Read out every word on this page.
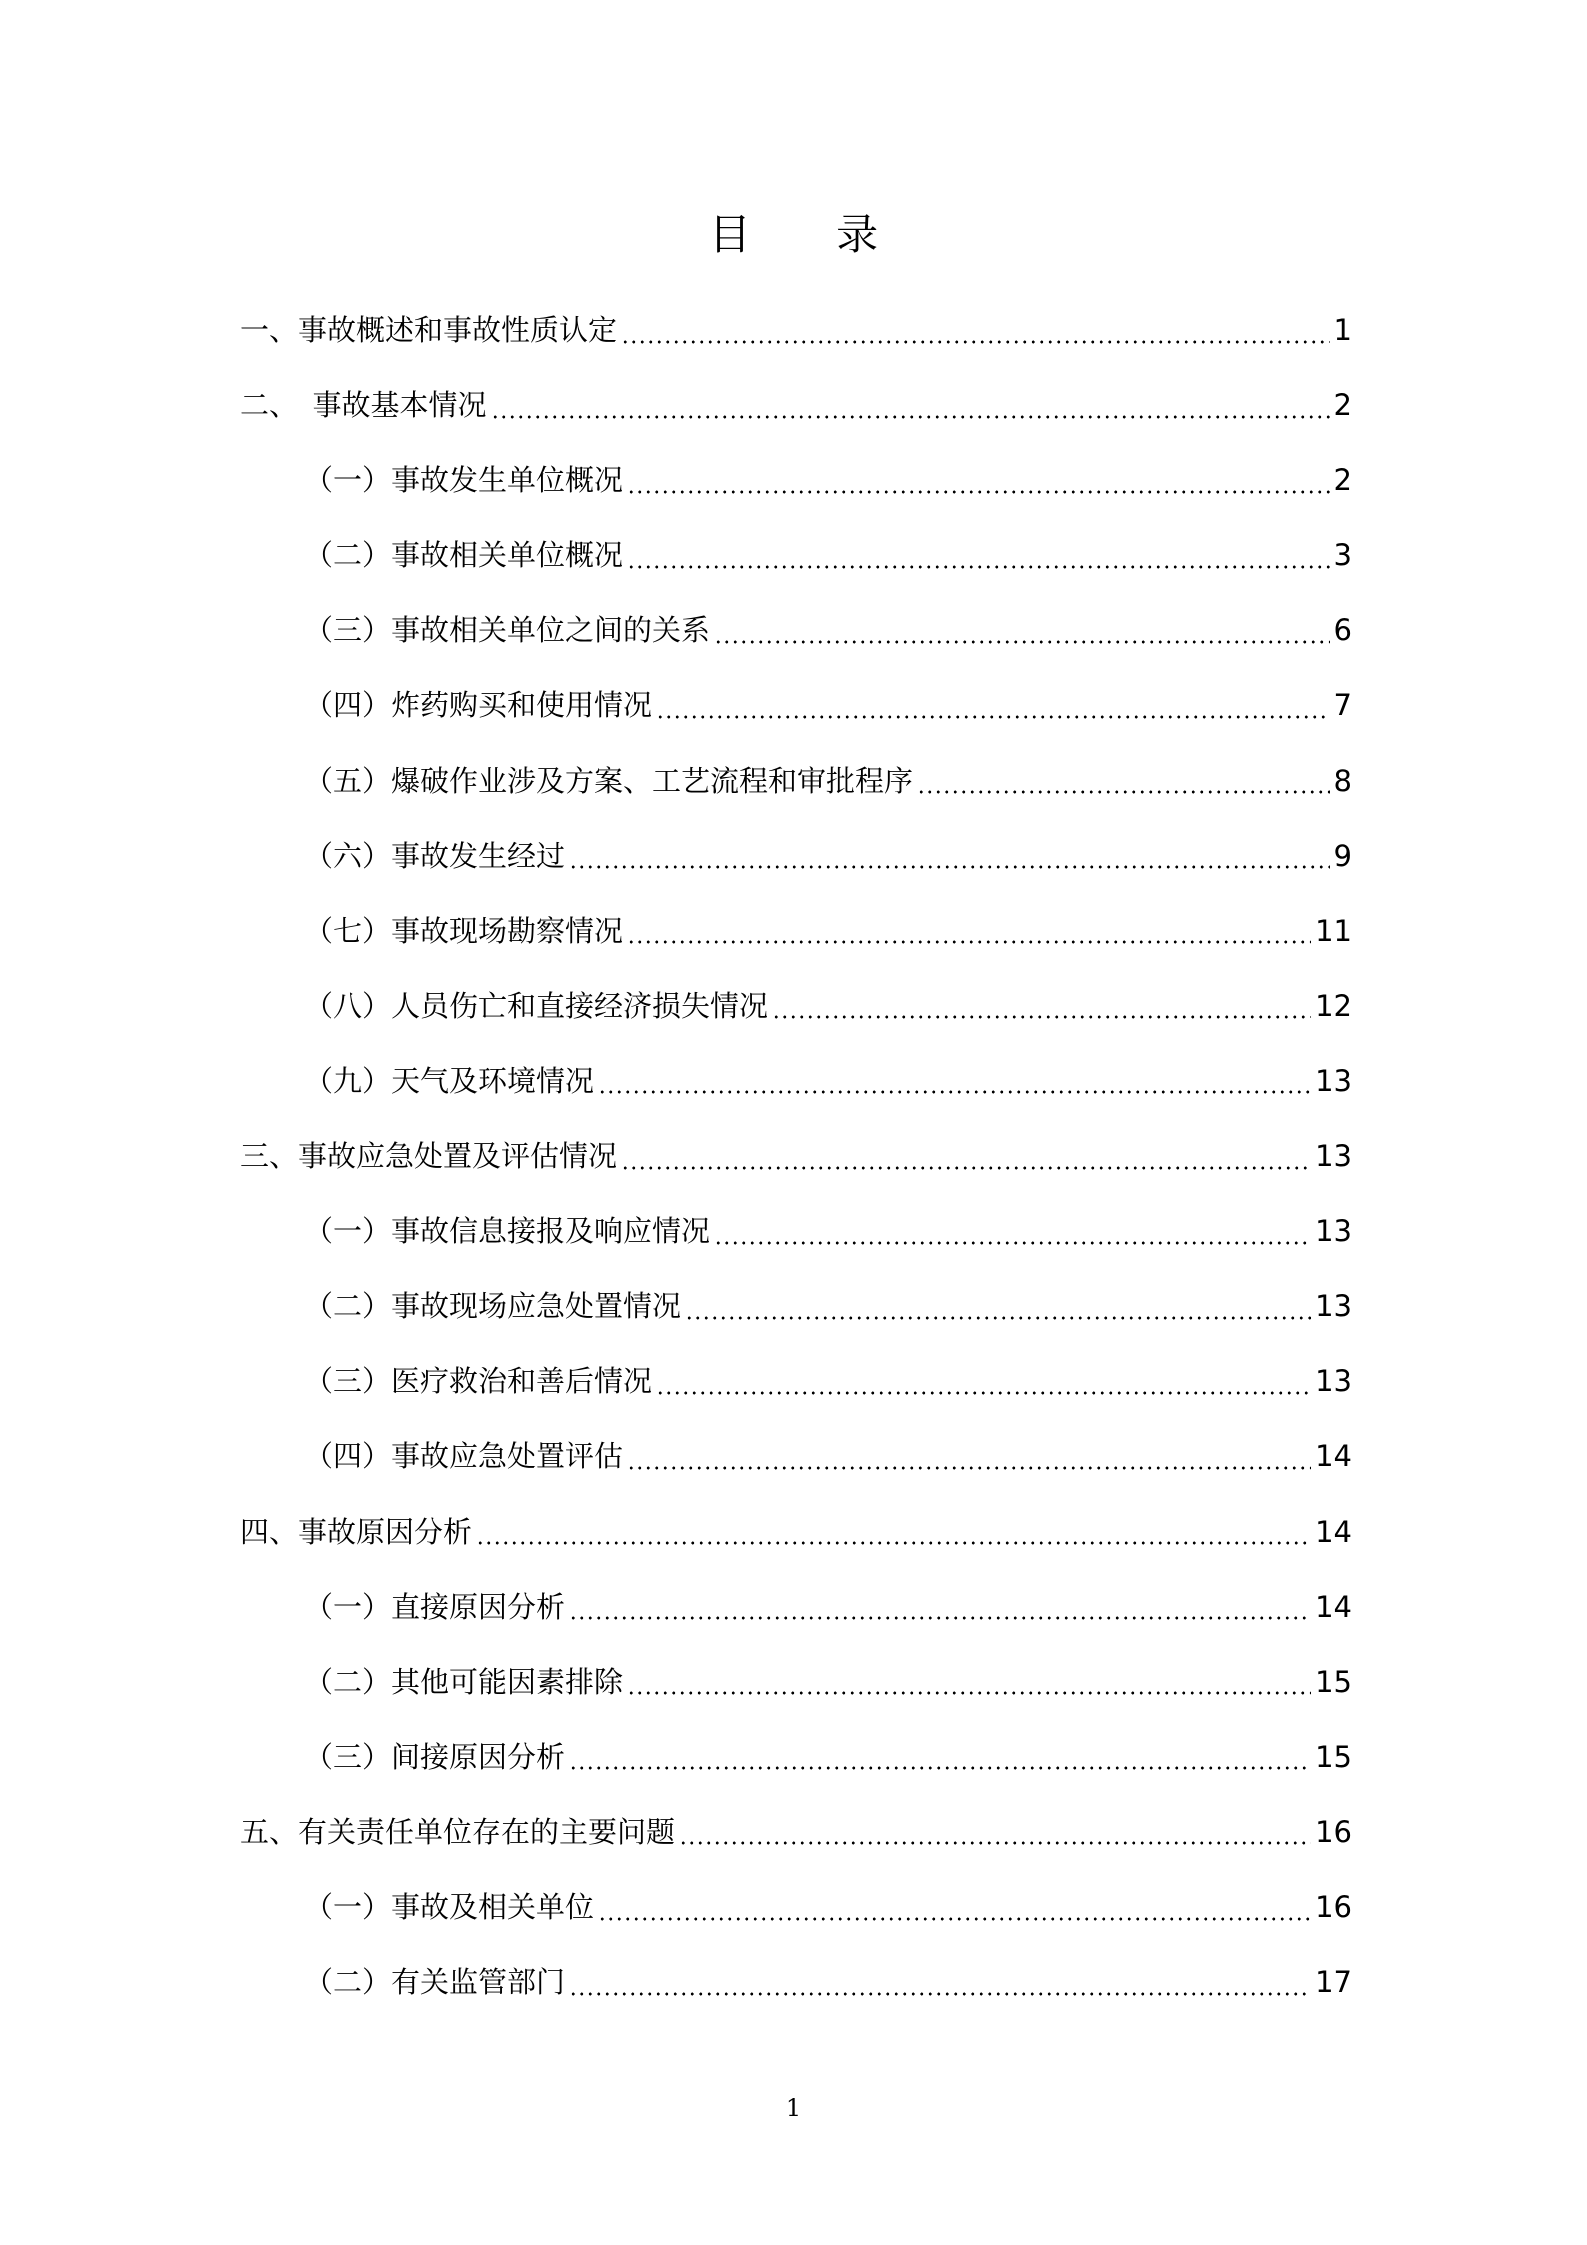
目 录
一、事故概述和事故性质认定	1
二、　事故基本情况	2
（一）事故发生单位概况	2
（二）事故相关单位概况	3
（三）事故相关单位之间的关系	6
（四）炸药购买和使用情况	7
（五）爆破作业涉及方案、工艺流程和审批程序	8
（六）事故发生经过	9
（七）事故现场勘察情况	11
（八）人员伤亡和直接经济损失情况	12
（九）天气及环境情况	13
三、事故应急处置及评估情况	13
（一）事故信息接报及响应情况	13
（二）事故现场应急处置情况	13
（三）医疗救治和善后情况	13
（四）事故应急处置评估	14
四、事故原因分析	14
（一）直接原因分析	14
（二）其他可能因素排除	15
（三）间接原因分析	15
五、有关责任单位存在的主要问题	16
（一）事故及相关单位	16
（二）有关监管部门	17
1
